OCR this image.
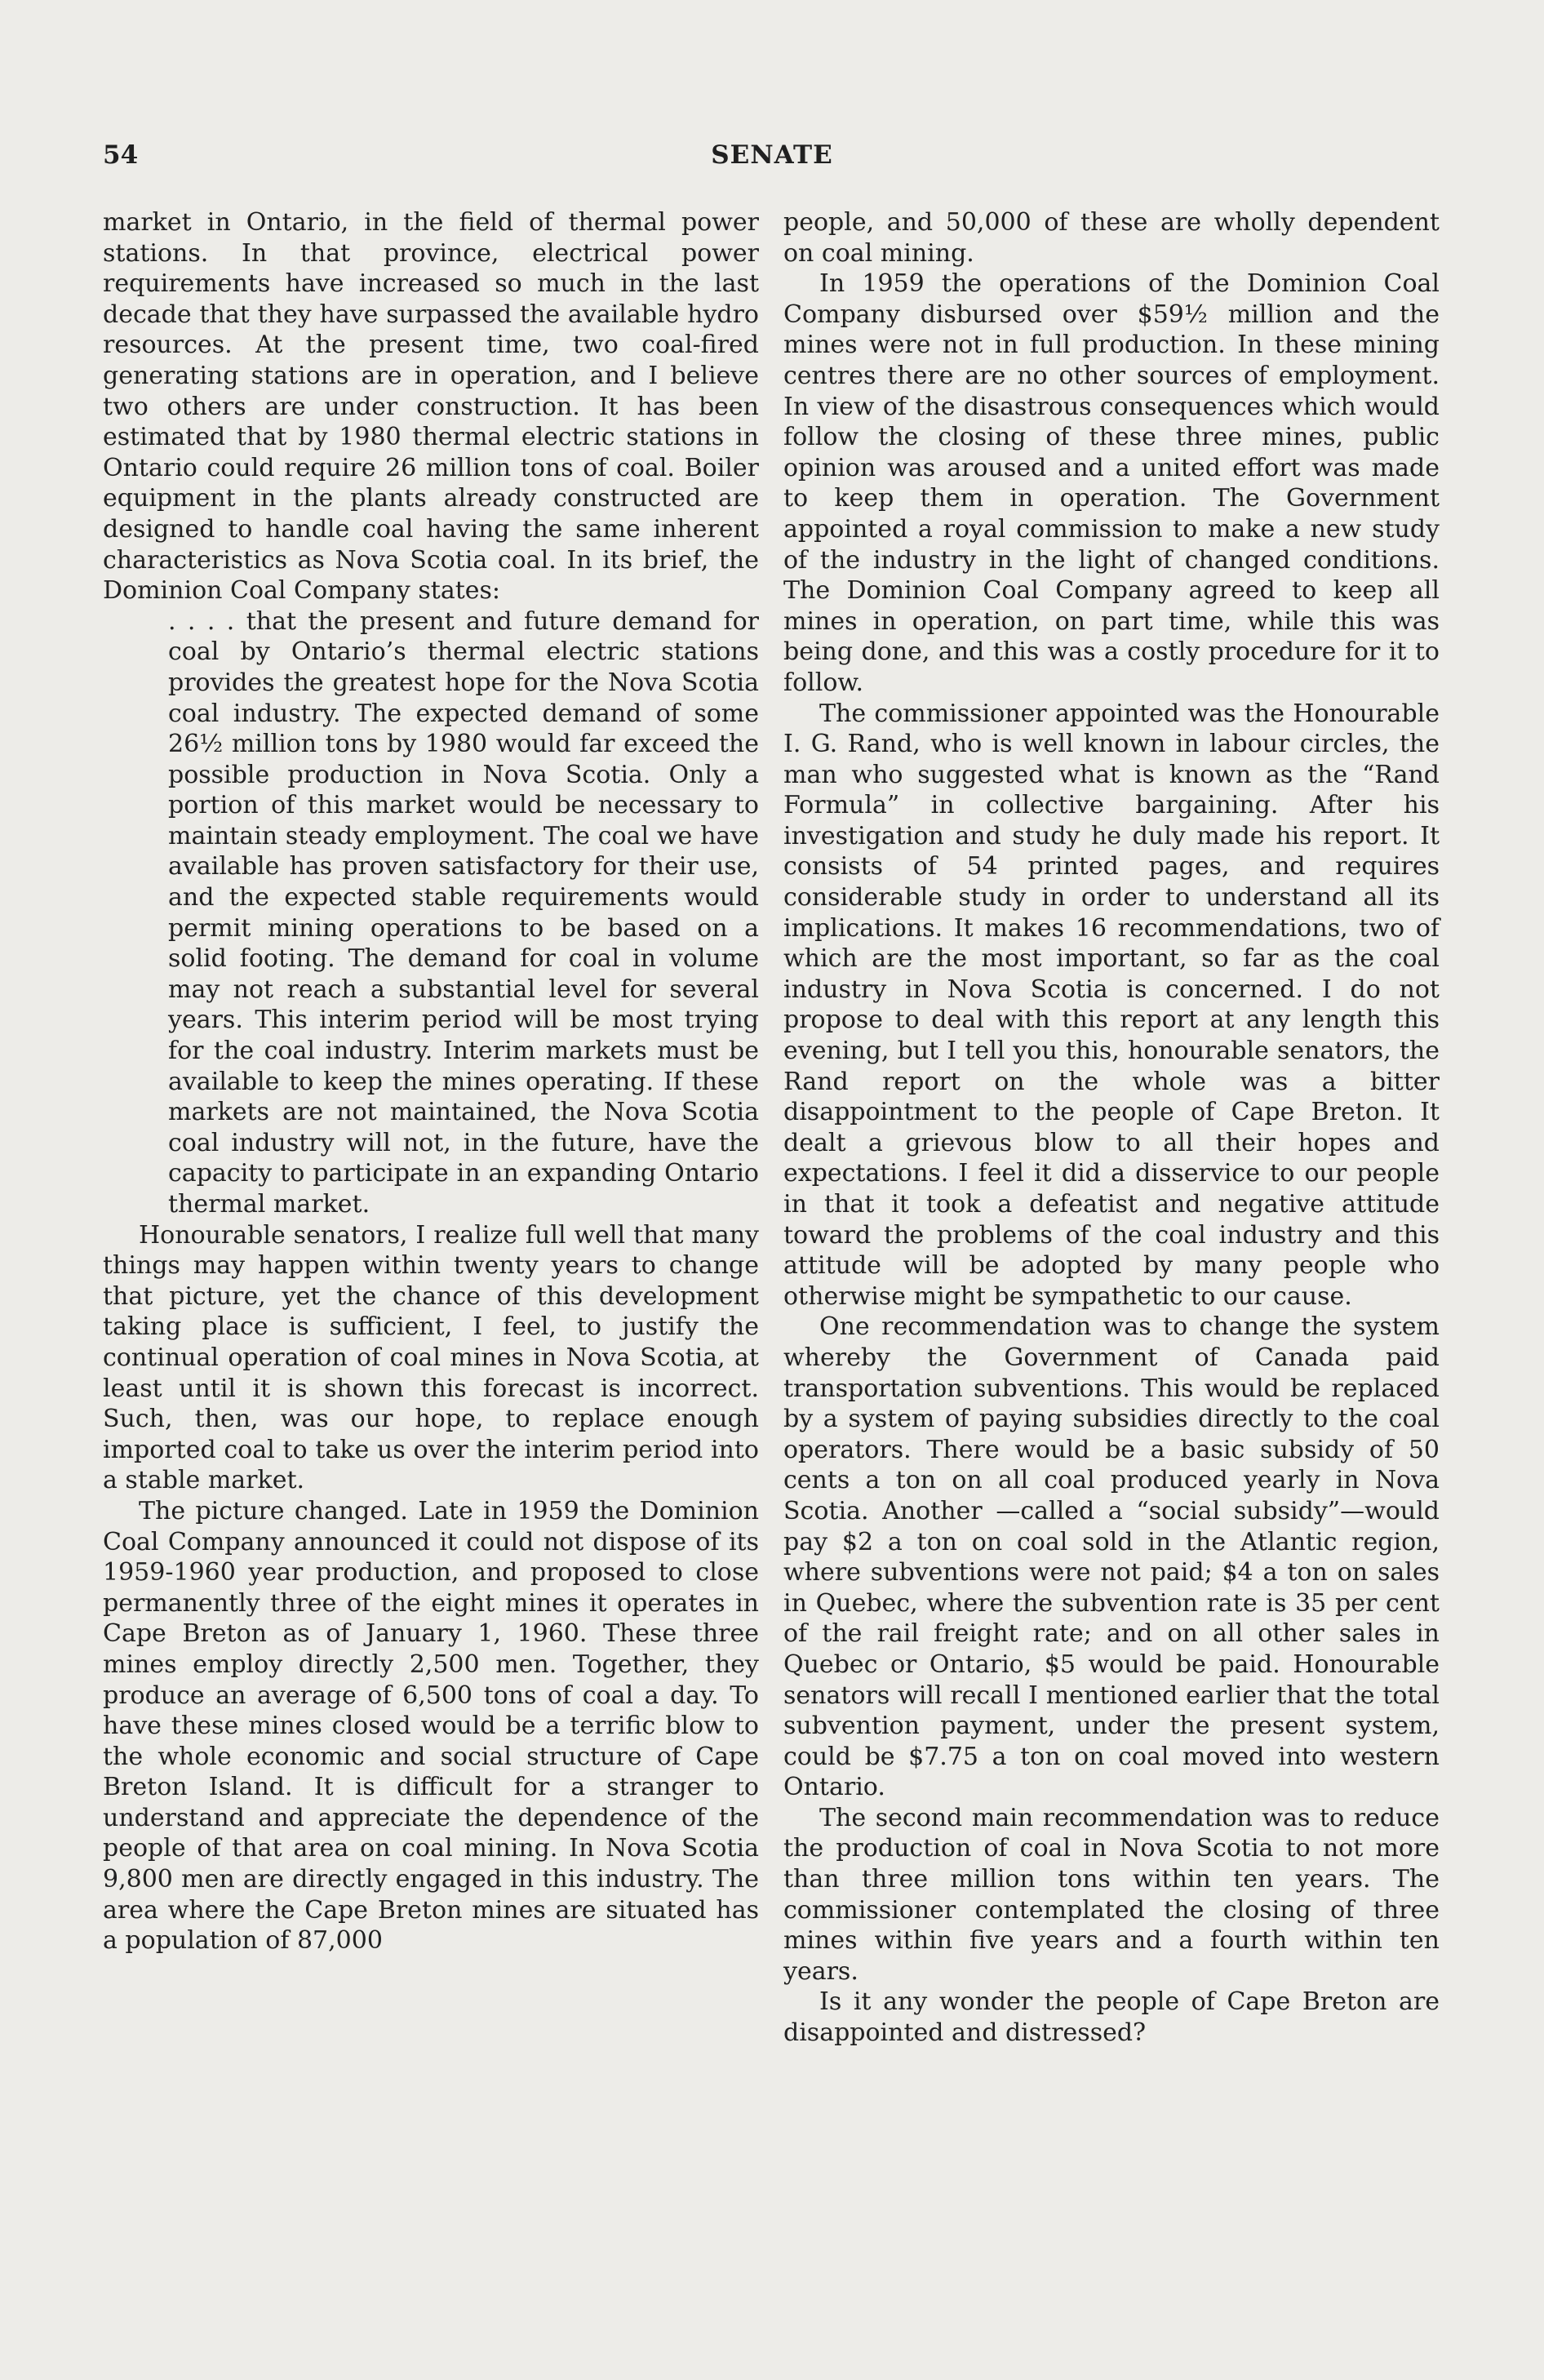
54	SENATE

market in Ontario, in the field of thermal power stations. In that province, electrical power requirements have increased so much in the last decade that they have surpassed the available hydro resources. At the present time, two coal-fired generating stations are in operation, and I believe two others are under construction. It has been estimated that by 1980 thermal electric stations in Ontario could require 26 million tons of coal. Boiler equipment in the plants already constructed are designed to handle coal having the same inherent characteristics as Nova Scotia coal. In its brief, the Dominion Coal Company states:

. . . . that the present and future demand for coal by Ontario’s thermal electric stations provides the greatest hope for the Nova Scotia coal industry. The expected demand of some 26½ million tons by 1980 would far exceed the possible production in Nova Scotia. Only a portion of this market would be necessary to maintain steady employment. The coal we have available has proven satisfactory for their use, and the expected stable requirements would permit mining operations to be based on a solid footing. The demand for coal in volume may not reach a substantial level for several years. This interim period will be most trying for the coal industry. Interim markets must be available to keep the mines operating. If these markets are not maintained, the Nova Scotia coal industry will not, in the future, have the capacity to participate in an expanding Ontario thermal market.

Honourable senators, I realize full well that many things may happen within twenty years to change that picture, yet the chance of this development taking place is sufficient, I feel, to justify the continual operation of coal mines in Nova Scotia, at least until it is shown this forecast is incorrect. Such, then, was our hope, to replace enough imported coal to take us over the interim period into a stable market.

The picture changed. Late in 1959 the Dominion Coal Company announced it could not dispose of its 1959-1960 year production, and proposed to close permanently three of the eight mines it operates in Cape Breton as of January 1, 1960. These three mines employ directly 2,500 men. Together, they produce an average of 6,500 tons of coal a day. To have these mines closed would be a terrific blow to the whole economic and social structure of Cape Breton Island. It is difficult for a stranger to understand and appreciate the dependence of the people of that area on coal mining. In Nova Scotia 9,800 men are directly engaged in this industry. The area where the Cape Breton mines are situated has a population of 87,000

people, and 50,000 of these are wholly dependent on coal mining.

In 1959 the operations of the Dominion Coal Company disbursed over $59½ million and the mines were not in full production. In these mining centres there are no other sources of employment. In view of the disastrous consequences which would follow the closing of these three mines, public opinion was aroused and a united effort was made to keep them in operation. The Government appointed a royal commission to make a new study of the industry in the light of changed conditions. The Dominion Coal Company agreed to keep all mines in operation, on part time, while this was being done, and this was a costly procedure for it to follow.

The commissioner appointed was the Honourable I. G. Rand, who is well known in labour circles, the man who suggested what is known as the “Rand Formula” in collective bargaining. After his investigation and study he duly made his report. It consists of 54 printed pages, and requires considerable study in order to understand all its implications. It makes 16 recommendations, two of which are the most important, so far as the coal industry in Nova Scotia is concerned. I do not propose to deal with this report at any length this evening, but I tell you this, honourable senators, the Rand report on the whole was a bitter disappointment to the people of Cape Breton. It dealt a grievous blow to all their hopes and expectations. I feel it did a disservice to our people in that it took a defeatist and negative attitude toward the problems of the coal industry and this attitude will be adopted by many people who otherwise might be sympathetic to our cause.

One recommendation was to change the system whereby the Government of Canada paid transportation subventions. This would be replaced by a system of paying subsidies directly to the coal operators. There would be a basic subsidy of 50 cents a ton on all coal produced yearly in Nova Scotia. Another —called a “social subsidy”—would pay $2 a ton on coal sold in the Atlantic region, where subventions were not paid; $4 a ton on sales in Quebec, where the subvention rate is 35 per cent of the rail freight rate; and on all other sales in Quebec or Ontario, $5 would be paid. Honourable senators will recall I mentioned earlier that the total subvention payment, under the present system, could be $7.75 a ton on coal moved into western Ontario.

The second main recommendation was to reduce the production of coal in Nova Scotia to not more than three million tons within ten years. The commissioner contemplated the closing of three mines within five years and a fourth within ten years.

Is it any wonder the people of Cape Breton are disappointed and distressed?
